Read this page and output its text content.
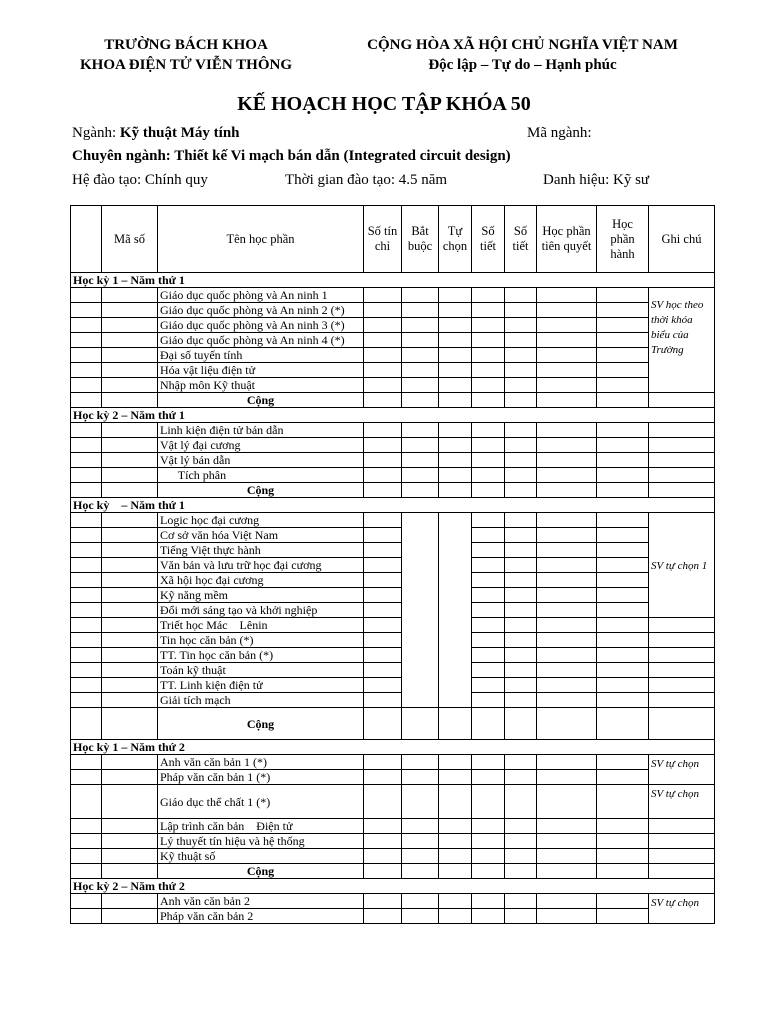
TRƯỜNG BÁCH KHOA
KHOA ĐIỆN TỬ VIỄN THÔNG
CỘNG HÒA XÃ HỘI CHỦ NGHĨA VIỆT NAM
Độc lập – Tự do – Hạnh phúc
KẾ HOẠCH HỌC TẬP KHÓA 50
Ngành: Kỹ thuật Máy tính	Mã ngành:
Chuyên ngành: Thiết kế Vi mạch bán dẫn (Integrated circuit design)
Hệ đào tạo: Chính quy	Thời gian đào tạo: 4.5 năm	Danh hiệu: Kỹ sư
	Mã số	Tên học phần	Số tín chỉ	Bắt buộc	Tự chọn	Số tiết	Số tiết	Học phần tiên quyết	Học phần hành	Ghi chú
Học kỳ 1 – Năm thứ 1										
		Giáo dục quốc phòng và An ninh 1								SV học theo thời khóa biểu của Trường
		Giáo dục quốc phòng và An ninh 2 (*)								
		Giáo dục quốc phòng và An ninh 3 (*)								
		Giáo dục quốc phòng và An ninh 4 (*)								
		Đại số tuyến tính								
		Hóa vật liệu điện tử								
		Nhập môn Kỹ thuật								
		Cộng								
Học kỳ 2 – Năm thứ 1										
		Linh kiện điện tử bán dẫn								
		Vật lý đại cương								
		Vật lý bán dẫn								
		Tích phân								
		Cộng								
Học kỳ    – Năm thứ 1										
		Logic học đại cương								SV tự chọn 1
		Cơ sở văn hóa Việt Nam								
		Tiếng Việt thực hành								
		Văn bản và lưu trữ học đại cương								
		Xã hội học đại cương								
		Kỹ năng mềm								
		Đổi mới sáng tạo và khởi nghiệp								
		Triết học Mác    Lênin								
		Tin học căn bản (*)								
		TT. Tin học căn bản (*)								
		Toán kỹ thuật								
		TT. Linh kiện điện tử								
		Giải tích mạch								
		Cộng								
Học kỳ 1 – Năm thứ 2										
		Anh văn căn bản 1 (*)								SV tự chọn
		Pháp văn căn bản 1 (*)								
		Giáo dục thể chất 1 (*)								SV tự chọn
		Lập trình căn bản    Điện tử								
		Lý thuyết tín hiệu và hệ thống								
		Kỹ thuật số								
		Cộng								
Học kỳ 2 – Năm thứ 2										
		Anh văn căn bản 2								SV tự chọn
		Pháp văn căn bản 2								
